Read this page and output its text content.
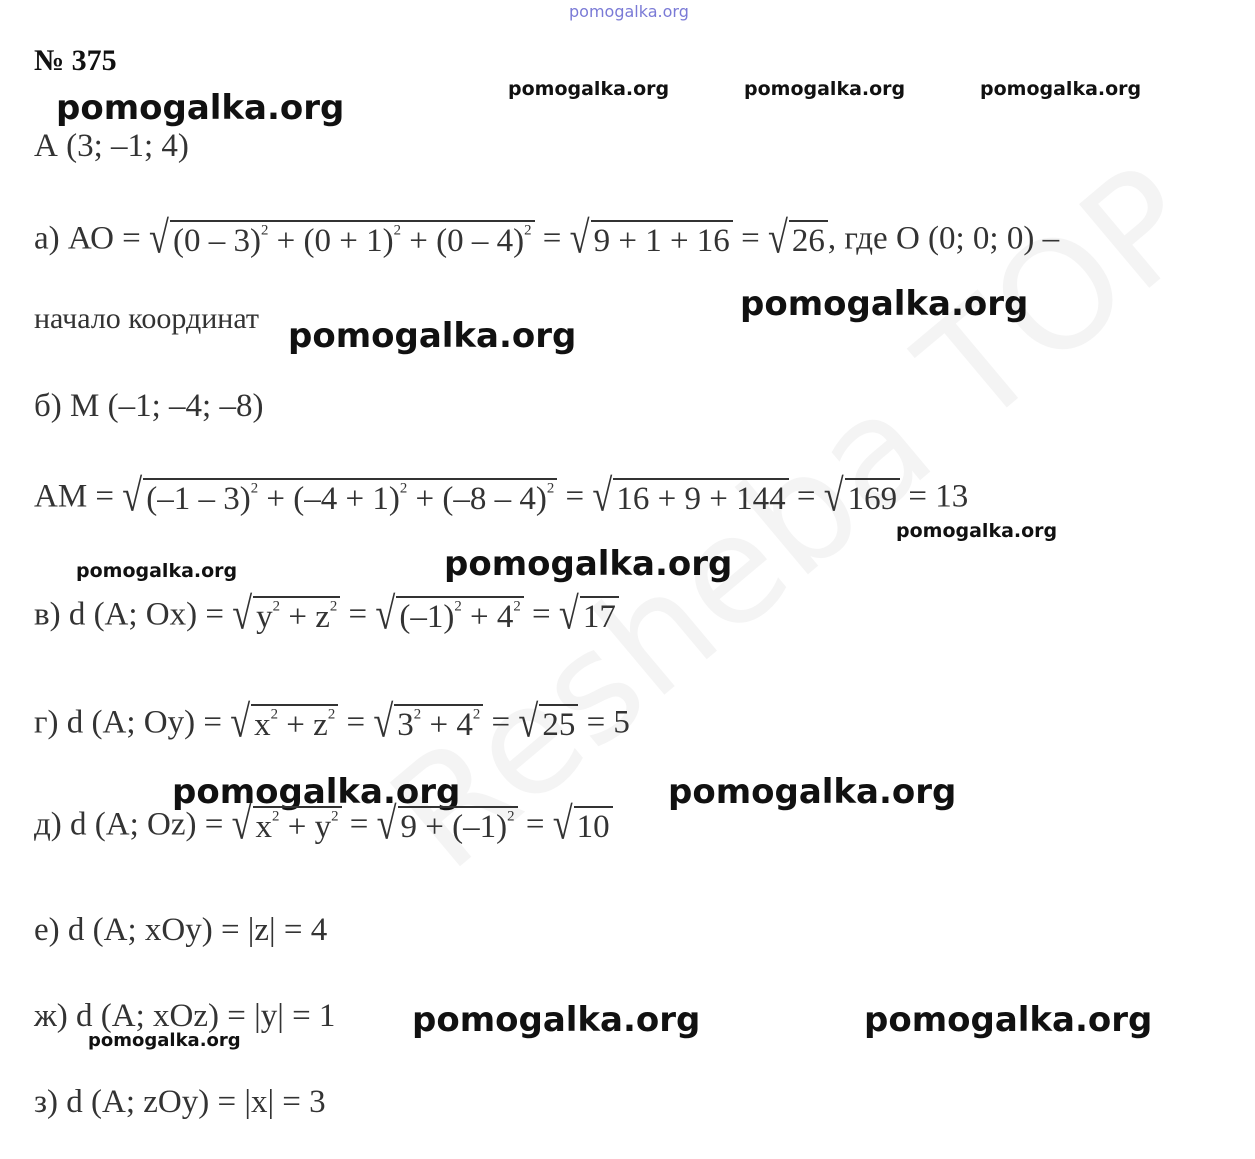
pomogalka.org
№ 375
pomogalka.org	pomogalka.org	pomogalka.org	pomogalka.org
А (3; –1; 4)
а) АО = √ $(0 - 3)^2 + (0 + 1)^2 + (0 - 4)^2$ = √ 9 + 1 + 16 = √ 26 , где О (0; 0; 0) –
начало координат	pomogalka.org
pomogalka.org
б) М (–1; –4; –8)
АМ = √ $(-1 - 3)^2 + (-4 + 1)^2 + (-8 - 4)^2$ = √ 16 + 9 + 144 = √ 169 = 13
pomogalka.org
pomogalka.org	pomogalka.org
в) d (А; Оx) = √ $y^2 + z^2$ = √ $(-1)^2 + 4^2$ = √ 17
г) d (А; Оy) = √ $x^2 + z^2$ = √ $3^2 + 4^2$ = √ 25 = 5
pomogalka.org	pomogalka.org
д) d (А; Оz) = √ $x^2 + y^2$ = √ $9 + (-1)^2$ = √ 10
е) d (А; xОy) = |z| = 4
ж) d (А; xОz) = |y| = 1
pomogalka.org
pomogalka.org	pomogalka.org
з) d (А; zОy) = |x| = 3
